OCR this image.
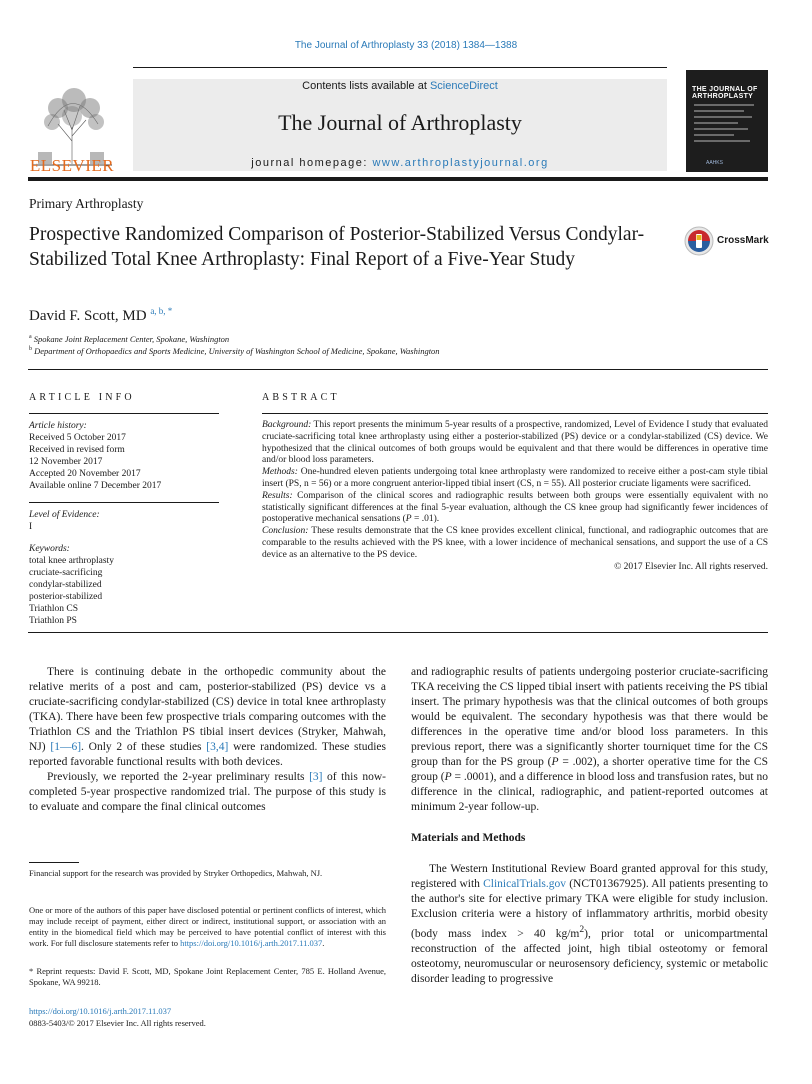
The Journal of Arthroplasty 33 (2018) 1384—1388
ELSEVIER
Contents lists available at ScienceDirect
The Journal of Arthroplasty
journal homepage: www.arthroplastyjournal.org
THE JOURNAL OF ARTHROPLASTY
AAHKS
Primary Arthroplasty
Prospective Randomized Comparison of Posterior-Stabilized Versus Condylar-Stabilized Total Knee Arthroplasty: Final Report of a Five-Year Study
CrossMark
David F. Scott, MD $^{a, b, *}$
$^a$ Spokane Joint Replacement Center, Spokane, Washington
$^b$ Department of Orthopaedics and Sports Medicine, University of Washington School of Medicine, Spokane, Washington
ARTICLE INFO
Article history:
Received 5 October 2017
Received in revised form
12 November 2017
Accepted 20 November 2017
Available online 7 December 2017
Level of Evidence:
I
Keywords:
total knee arthroplasty
cruciate-sacrificing
condylar-stabilized
posterior-stabilized
Triathlon CS
Triathlon PS
ABSTRACT
Background: This report presents the minimum 5-year results of a prospective, randomized, Level of Evidence I study that evaluated cruciate-sacrificing total knee arthroplasty using either a posterior-stabilized (PS) device or a condylar-stabilized (CS) device. We hypothesized that the clinical outcomes of both groups would be equivalent and that there would be differences in operative time and/or blood loss parameters.
Methods: One-hundred eleven patients undergoing total knee arthroplasty were randomized to receive either a post-cam style tibial insert (PS, n = 56) or a more congruent anterior-lipped tibial insert (CS, n = 55). All posterior cruciate ligaments were sacrificed.
Results: Comparison of the clinical scores and radiographic results between both groups were essentially equivalent with no statistically significant differences at the final 5-year evaluation, although the CS knee group had significantly fewer incidences of postoperative mechanical sensations (P = .01).
Conclusion: These results demonstrate that the CS knee provides excellent clinical, functional, and radiographic outcomes that are comparable to the results achieved with the PS knee, with a lower incidence of mechanical sensations, and support the use of a CS device as an alternative to the PS device.
© 2017 Elsevier Inc. All rights reserved.

There is continuing debate in the orthopedic community about the relative merits of a post and cam, posterior-stabilized (PS) device vs a cruciate-sacrificing condylar-stabilized (CS) device in total knee arthroplasty (TKA). There have been few prospective trials comparing outcomes with the Triathlon CS and the Triathlon PS tibial insert devices (Stryker, Mahwah, NJ) [1—6]. Only 2 of these studies [3,4] were randomized. These studies reported favorable functional results with both devices.

Previously, we reported the 2-year preliminary results [3] of this now-completed 5-year prospective randomized trial. The purpose of this study is to evaluate and compare the final clinical outcomes

Financial support for the research was provided by Stryker Orthopedics, Mahwah, NJ.
One or more of the authors of this paper have disclosed potential or pertinent conflicts of interest, which may include receipt of payment, either direct or indirect, institutional support, or association with an entity in the biomedical field which may be perceived to have potential conflict of interest with this work. For full disclosure statements refer to https://doi.org/10.1016/j.arth.2017.11.037.
* Reprint requests: David F. Scott, MD, Spokane Joint Replacement Center, 785 E. Holland Avenue, Spokane, WA 99218.
https://doi.org/10.1016/j.arth.2017.11.037
0883-5403/© 2017 Elsevier Inc. All rights reserved.
and radiographic results of patients undergoing posterior cruciate-sacrificing TKA receiving the CS lipped tibial insert with patients receiving the PS tibial insert. The primary hypothesis was that the clinical outcomes of both groups would be equivalent. The secondary hypothesis was that there would be differences in the operative time and/or blood loss parameters. In this previous report, there was a significantly shorter tourniquet time for the CS group than for the PS group (P = .002), a shorter operative time for the CS group (P = .0001), and a difference in blood loss and transfusion rates, but no difference in the clinical, radiographic, and patient-reported outcomes at minimum 2-year follow-up.
Materials and Methods

The Western Institutional Review Board granted approval for this study, registered with ClinicalTrials.gov (NCT01367925). All patients presenting to the author's site for elective primary TKA were eligible for study inclusion. Exclusion criteria were a history of inflammatory arthritis, morbid obesity (body mass index > 40 $kg/m^2$), prior total or unicompartmental reconstruction of the affected joint, high tibial osteotomy or femoral osteotomy, neuromuscular or neurosensory deficiency, systemic or metabolic disorder leading to progressive
